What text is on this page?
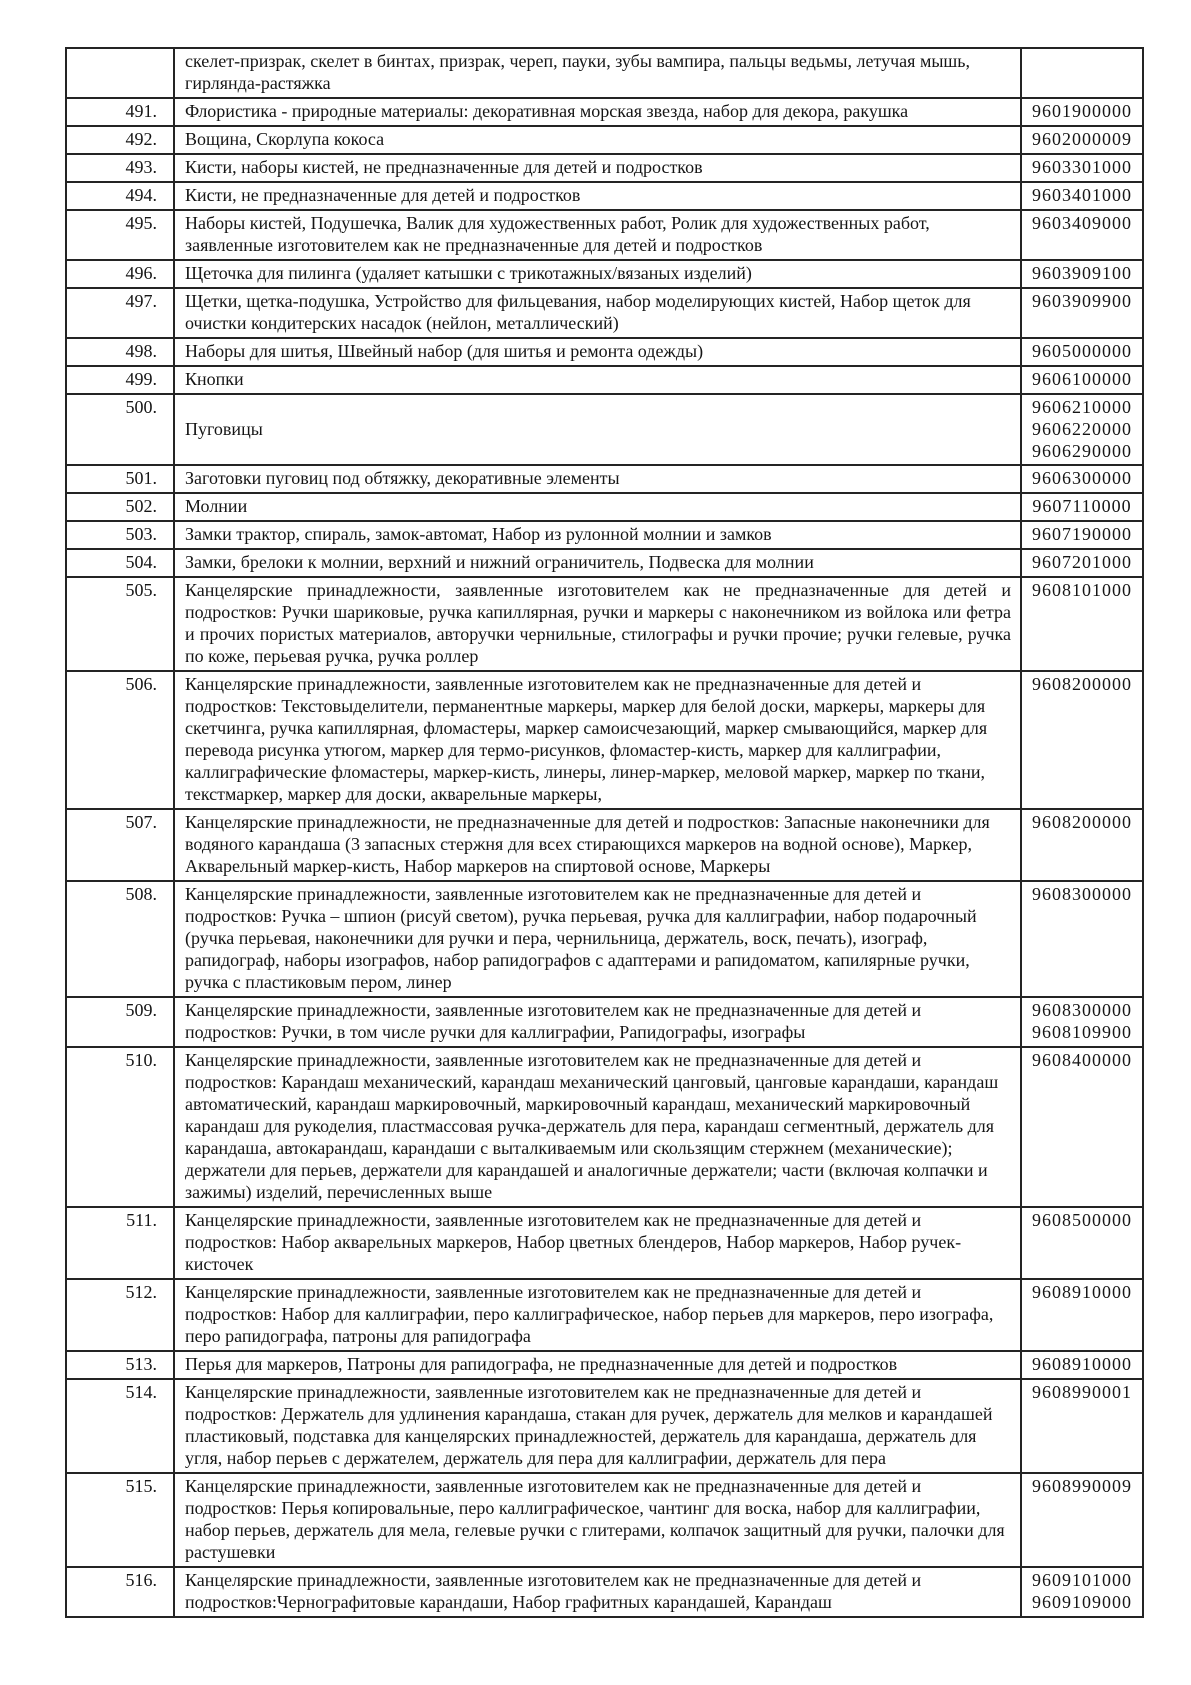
	скелет-призрак, скелет в бинтах, призрак, череп, пауки, зубы вампира, пальцы ведьмы, летучая мышь, гирлянда-растяжка	
491.	Флористика - природные материалы: декоративная морская звезда, набор для декора, ракушка	9601900000

492.	Вощина, Скорлупа кокоса	9602000009

493.	Кисти, наборы кистей, не предназначенные для детей и подростков	9603301000

494.	Кисти, не предназначенные для детей и подростков	9603401000

495.	Наборы кистей, Подушечка, Валик для художественных работ, Ролик для художественных работ, заявленные изготовителем как не предназначенные для детей и подростков	9603409000

496.	Щеточка для пилинга (удаляет катышки с трикотажных/вязаных изделий)	9603909100

497.	Щетки, щетка-подушка, Устройство для фильцевания, набор моделирующих кистей, Набор щеток для очистки кондитерских насадок (нейлон, металлический)	9603909900

498.	Наборы для шитья, Швейный набор (для шитья и ремонта одежды)	9605000000

499.	Кнопки	9606100000

500.	Пуговицы	9606210000
9606220000
9606290000

501.	Заготовки пуговиц под обтяжку, декоративные элементы	9606300000

502.	Молнии	9607110000

503.	Замки трактор, спираль, замок-автомат, Набор из рулонной молнии и замков	9607190000

504.	Замки, брелоки к молнии, верхний и нижний ограничитель, Подвеска для молнии	9607201000

505.	Канцелярские принадлежности, заявленные изготовителем как не предназначенные для детей и подростков: Ручки шариковые, ручка капиллярная, ручки и маркеры с наконечником из войлока или фетра и прочих пористых материалов, авторучки чернильные, стилографы и ручки прочие; ручки гелевые, ручка по коже, перьевая ручка, ручка роллер	9608101000

506.	Канцелярские принадлежности, заявленные изготовителем как не предназначенные для детей и подростков: Текстовыделители, перманентные маркеры, маркер для белой доски, маркеры, маркеры для скетчинга, ручка капиллярная, фломастеры, маркер самоисчезающий, маркер смывающийся, маркер для перевода рисунка утюгом, маркер для термо-рисунков, фломастер-кисть, маркер для каллиграфии, каллиграфические фломастеры, маркер-кисть, линеры, линер-маркер, меловой маркер, маркер по ткани, текстмаркер, маркер для доски, акварельные маркеры,	9608200000

507.	Канцелярские принадлежности, не предназначенные для детей и подростков: Запасные наконечники для водяного карандаша (3 запасных стержня для всех стирающихся маркеров на водной основе), Маркер, Акварельный маркер-кисть, Набор маркеров на спиртовой основе, Маркеры	9608200000

508.	Канцелярские принадлежности, заявленные изготовителем как не предназначенные для детей и подростков: Ручка – шпион (рисуй светом), ручка перьевая, ручка для каллиграфии, набор подарочный (ручка перьевая, наконечники для ручки и пера, чернильница, держатель, воск, печать), изограф, рапидограф, наборы изографов, набор рапидографов с адаптерами и рапидоматом, капилярные ручки, ручка с пластиковым пером, линер	9608300000

509.	Канцелярские принадлежности, заявленные изготовителем как не предназначенные для детей и подростков: Ручки, в том числе ручки для каллиграфии, Рапидографы, изографы	9608300000
9608109900

510.	Канцелярские принадлежности, заявленные изготовителем как не предназначенные для детей и подростков: Карандаш механический, карандаш механический цанговый, цанговые карандаши, карандаш автоматический, карандаш маркировочный, маркировочный карандаш, механический маркировочный карандаш для рукоделия, пластмассовая ручка-держатель для пера, карандаш сегментный, держатель для карандаша, автокарандаш, карандаши с выталкиваемым или скользящим стержнем (механические); держатели для перьев, держатели для карандашей и аналогичные держатели; части (включая колпачки и зажимы) изделий, перечисленных выше	9608400000

511.	Канцелярские принадлежности, заявленные изготовителем как не предназначенные для детей и подростков: Набор акварельных маркеров, Набор цветных блендеров, Набор маркеров, Набор ручек-кисточек	9608500000

512.	Канцелярские принадлежности, заявленные изготовителем как не предназначенные для детей и подростков: Набор для каллиграфии, перо каллиграфическое, набор перьев для маркеров, перо изографа, перо рапидографа, патроны для рапидографа	9608910000

513.	Перья для маркеров, Патроны для рапидографа, не предназначенные для детей и подростков	9608910000

514.	Канцелярские принадлежности, заявленные изготовителем как не предназначенные для детей и подростков: Держатель для удлинения карандаша, стакан для ручек, держатель для мелков и карандашей пластиковый, подставка для канцелярских принадлежностей, держатель для карандаша, держатель для угля, набор перьев с держателем, держатель для пера для каллиграфии, держатель для пера	9608990001

515.	Канцелярские принадлежности, заявленные изготовителем как не предназначенные для детей и подростков: Перья копировальные, перо каллиграфическое, чантинг для воска, набор для каллиграфии, набор перьев, держатель для мела, гелевые ручки с глитерами, колпачок защитный для ручки, палочки для растушевки	9608990009

516.	Канцелярские принадлежности, заявленные изготовителем как не предназначенные для детей и подростков:Чернографитовые карандаши, Набор графитных карандашей, Карандаш	9609101000
9609109000
